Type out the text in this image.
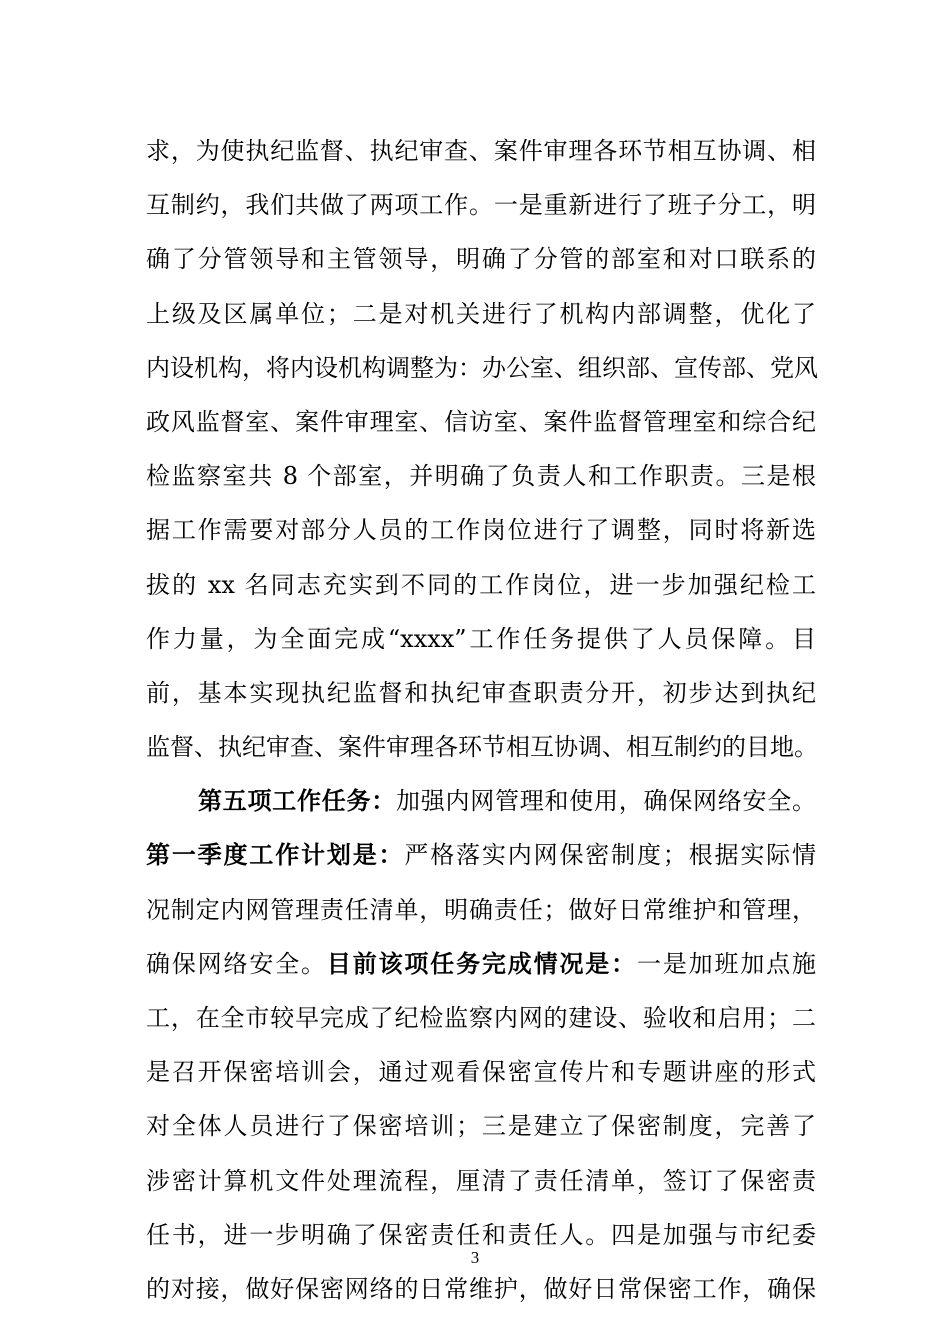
求，为使执纪监督、执纪审查、案件审理各环节相互协调、相
互制约，我们共做了两项工作。一是重新进行了班子分工，明
确了分管领导和主管领导，明确了分管的部室和对口联系的
上级及区属单位；二是对机关进行了机构内部调整，优化了
内设机构，将内设机构调整为：办公室、组织部、宣传部、党风
政风监督室、案件审理室、信访室、案件监督管理室和综合纪
检监察室共 8 个部室，并明确了负责人和工作职责。三是根
据工作需要对部分人员的工作岗位进行了调整，同时将新选
拔的 xx 名同志充实到不同的工作岗位，进一步加强纪检工
作力量，为全面完成“xxxx”工作任务提供了人员保障。目
前，基本实现执纪监督和执纪审查职责分开，初步达到执纪
监督、执纪审查、案件审理各环节相互协调、相互制约的目地。
第五项工作任务：加强内网管理和使用，确保网络安全。
第一季度工作计划是：严格落实内网保密制度；根据实际情
况制定内网管理责任清单，明确责任；做好日常维护和管理，
确保网络安全。目前该项任务完成情况是：一是加班加点施
工，在全市较早完成了纪检监察内网的建设、验收和启用；二
是召开保密培训会，通过观看保密宣传片和专题讲座的形式
对全体人员进行了保密培训；三是建立了保密制度，完善了
涉密计算机文件处理流程，厘清了责任清单，签订了保密责
任书，进一步明确了保密责任和责任人。四是加强与市纪委
的对接，做好保密网络的日常维护，做好日常保密工作，确保
3
